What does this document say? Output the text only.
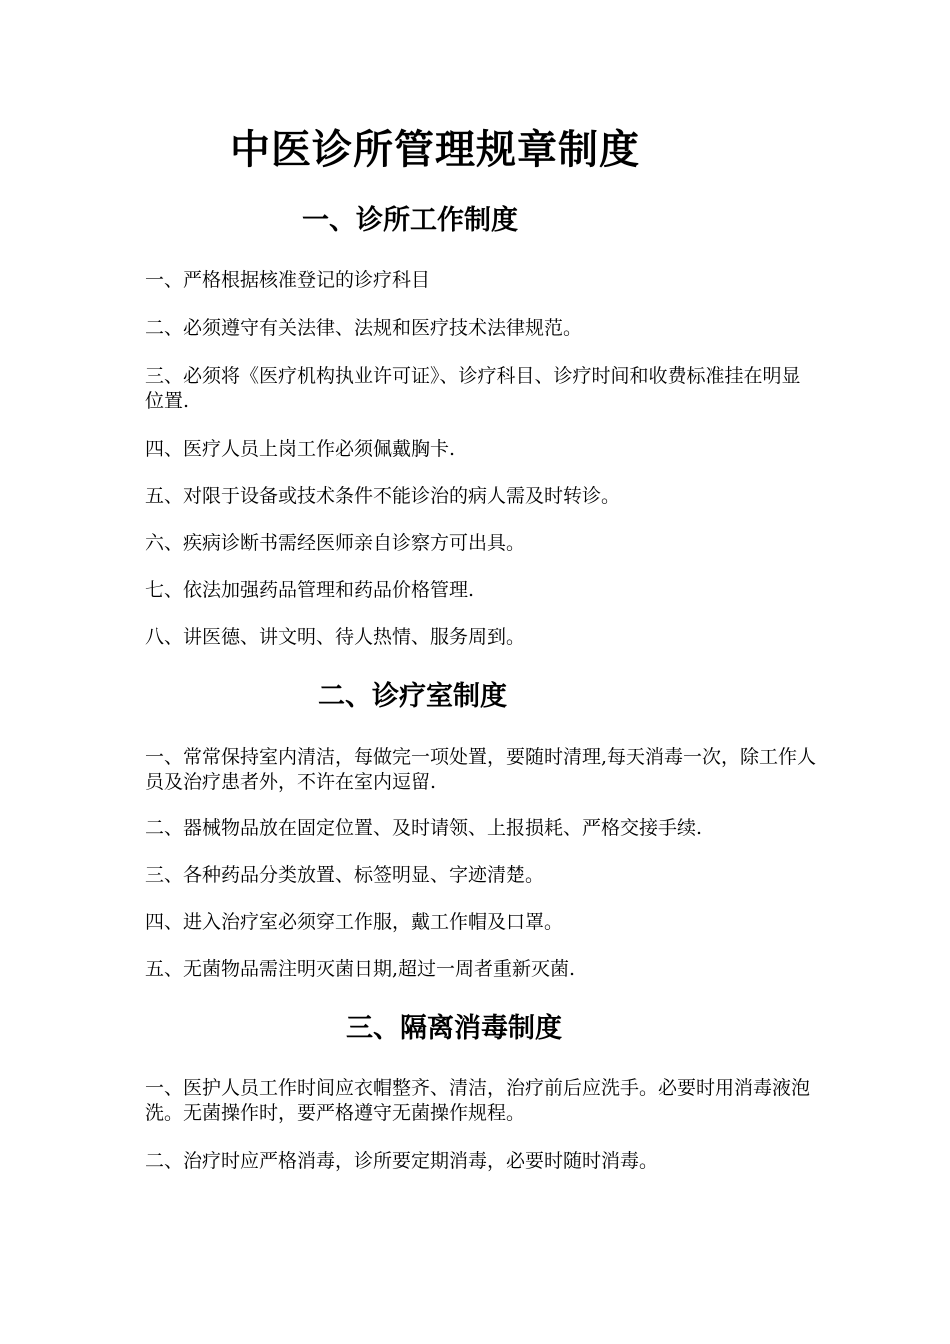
中医诊所管理规章制度
一、诊所工作制度

一、严格根据核准登记的诊疗科目

二、必须遵守有关法律、法规和医疗技术法律规范。

三、必须将《医疗机构执业许可证》、诊疗科目、诊疗时间和收费标准挂在明显位置.

四、医疗人员上岗工作必须佩戴胸卡.

五、对限于设备或技术条件不能诊治的病人需及时转诊。

六、疾病诊断书需经医师亲自诊察方可出具。

七、依法加强药品管理和药品价格管理.

八、讲医德、讲文明、待人热情、服务周到。

二、诊疗室制度

一、常常保持室内清洁，每做完一项处置，要随时清理,每天消毒一次，除工作人员及治疗患者外，不许在室内逗留.

二、器械物品放在固定位置、及时请领、上报损耗、严格交接手续.

三、各种药品分类放置、标签明显、字迹清楚。

四、进入治疗室必须穿工作服，戴工作帽及口罩。

五、无菌物品需注明灭菌日期,超过一周者重新灭菌.

三、隔离消毒制度

一、医护人员工作时间应衣帽整齐、清洁，治疗前后应洗手。必要时用消毒液泡洗。无菌操作时，要严格遵守无菌操作规程。

二、治疗时应严格消毒，诊所要定期消毒，必要时随时消毒。
